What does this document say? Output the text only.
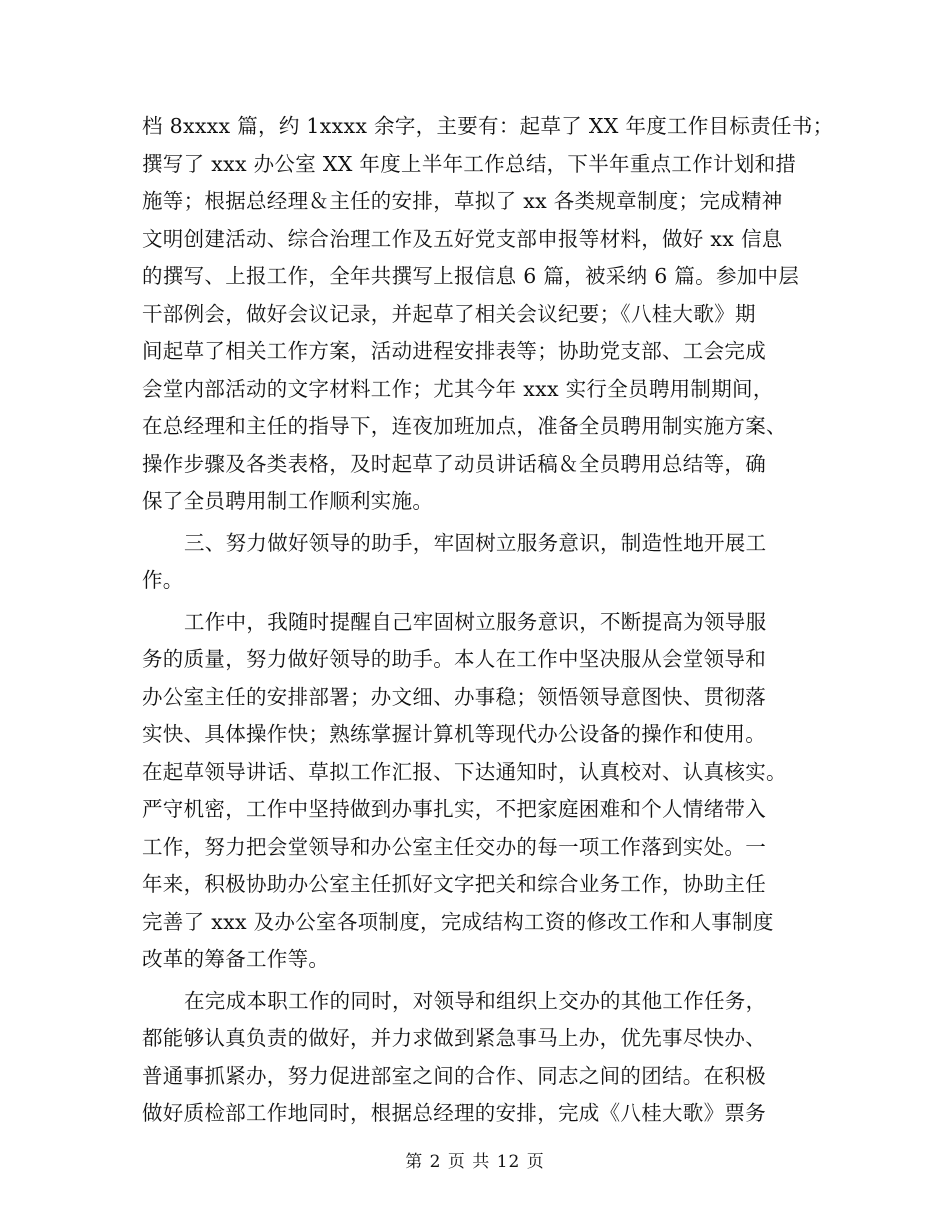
档 8xxxx 篇，约 1xxxx 余字，主要有：起草了 XX 年度工作目标责任书；
撰写了 xxx 办公室 XX 年度上半年工作总结，下半年重点工作计划和措
施等；根据总经理＆主任的安排，草拟了 xx 各类规章制度；完成精神
文明创建活动、综合治理工作及五好党支部申报等材料，做好 xx 信息
的撰写、上报工作，全年共撰写上报信息 6 篇，被采纳 6 篇。参加中层
干部例会，做好会议记录，并起草了相关会议纪要；《八桂大歌》期
间起草了相关工作方案，活动进程安排表等；协助党支部、工会完成
会堂内部活动的文字材料工作；尤其今年 xxx 实行全员聘用制期间，
在总经理和主任的指导下，连夜加班加点，准备全员聘用制实施方案、
操作步骤及各类表格，及时起草了动员讲话稿＆全员聘用总结等，确
保了全员聘用制工作顺利实施。
三、努力做好领导的助手，牢固树立服务意识，制造性地开展工
作。
工作中，我随时提醒自己牢固树立服务意识，不断提高为领导服
务的质量，努力做好领导的助手。本人在工作中坚决服从会堂领导和
办公室主任的安排部署；办文细、办事稳；领悟领导意图快、贯彻落
实快、具体操作快；熟练掌握计算机等现代办公设备的操作和使用。
在起草领导讲话、草拟工作汇报、下达通知时，认真校对、认真核实。
严守机密，工作中坚持做到办事扎实，不把家庭困难和个人情绪带入
工作，努力把会堂领导和办公室主任交办的每一项工作落到实处。一
年来，积极协助办公室主任抓好文字把关和综合业务工作，协助主任
完善了 xxx 及办公室各项制度，完成结构工资的修改工作和人事制度
改革的筹备工作等。
在完成本职工作的同时，对领导和组织上交办的其他工作任务，
都能够认真负责的做好，并力求做到紧急事马上办，优先事尽快办、
普通事抓紧办，努力促进部室之间的合作、同志之间的团结。在积极
做好质检部工作地同时，根据总经理的安排，完成《八桂大歌》票务
第 2 页 共 12 页
